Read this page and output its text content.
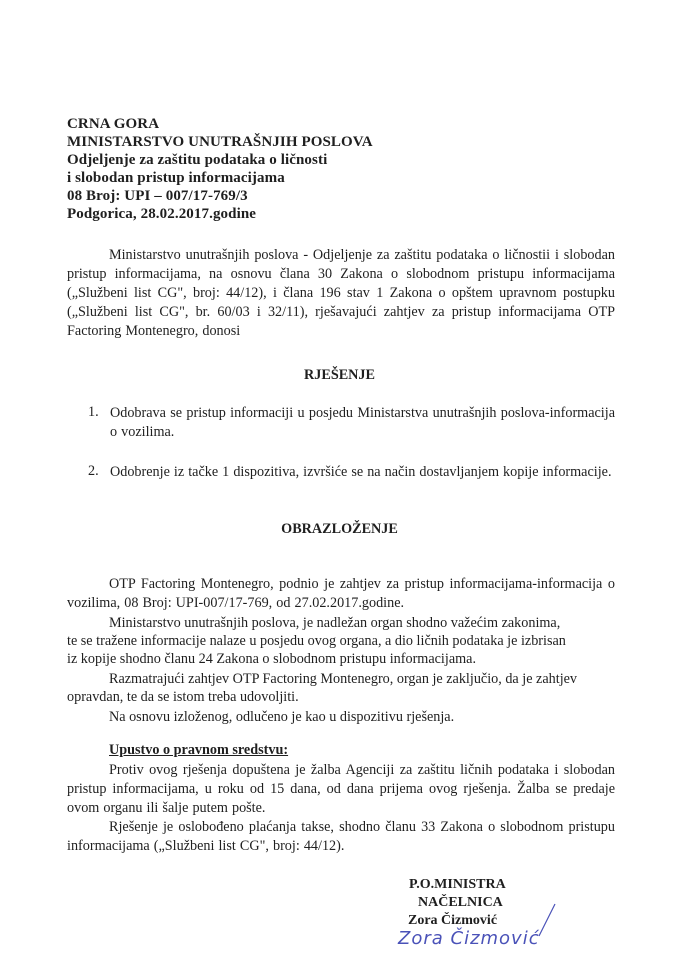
CRNA GORA
MINISTARSTVO UNUTRAŠNJIH POSLOVA
Odjeljenje za zaštitu podataka o ličnosti
i slobodan pristup informacijama
08 Broj: UPI – 007/17-769/3
Podgorica, 28.02.2017.godine
Ministarstvo unutrašnjih poslova - Odjeljenje za zaštitu podataka o ličnostii i slobodan pristup informacijama, na osnovu člana 30 Zakona o slobodnom pristupu informacijama („Službeni list CG", broj: 44/12), i člana 196 stav 1 Zakona o opštem upravnom postupku („Službeni list CG", br. 60/03 i 32/11), rješavajući zahtjev za pristup informacijama OTP Factoring Montenegro, donosi
RJEŠENJE
1. Odobrava se pristup informaciji u posjedu Ministarstva unutrašnjih poslova-informacija o vozilima.
2. Odobrenje iz tačke 1 dispozitiva, izvršiće se na način dostavljanjem kopije informacije.
OBRAZLOŽENJE
OTP Factoring Montenegro, podnio je zahtjev za pristup informacijama-informacija o vozilima, 08 Broj: UPI-007/17-769, od 27.02.2017.godine.
Ministarstvo unutrašnjih poslova, je nadležan organ shodno važećim zakonima,
te se tražene informacije nalaze u posjedu ovog organa, a dio ličnih podataka je izbrisan
iz kopije shodno članu 24 Zakona o slobodnom pristupu informacijama.
Razmatrajući zahtjev OTP Factoring Montenegro, organ je zaključio, da je zahtjev
opravdan, te da se istom treba udovoljiti.
Na osnovu izloženog, odlučeno je kao u dispozitivu rješenja.
Upustvo o pravnom sredstvu:
Protiv ovog rješenja dopuštena je žalba Agenciji za zaštitu ličnih podataka i slobodan pristup informacijama, u roku od 15 dana, od dana prijema ovog rješenja. Žalba se predaje ovom organu ili šalje putem pošte.
Rješenje je oslobođeno plaćanja takse, shodno članu 33 Zakona o slobodnom pristupu informacijama („Službeni list CG", broj: 44/12).
P.O.MINISTRA
NAČELNICA
Zora Čizmović
Zora Čizmović
